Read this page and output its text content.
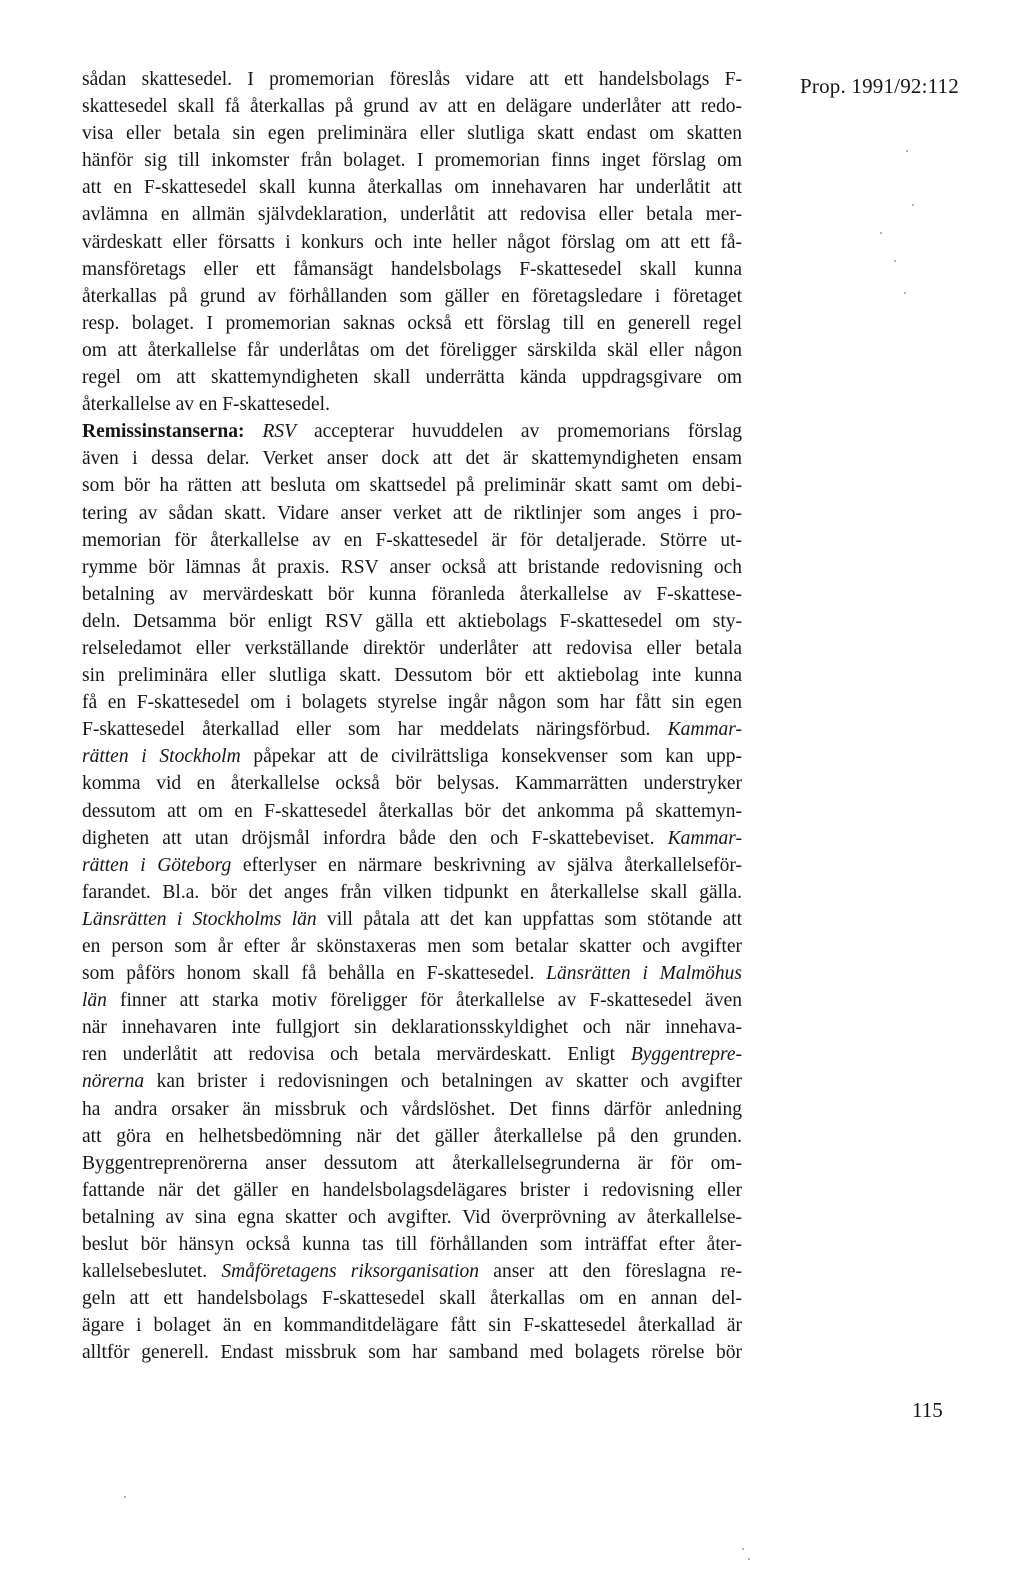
Prop. 1991/92:112
sådan skattesedel. I promemorian föreslås vidare att ett handelsbolags F-
skattesedel skall få återkallas på grund av att en delägare underlåter att redo-
visa eller betala sin egen preliminära eller slutliga skatt endast om skatten
hänför sig till inkomster från bolaget. I promemorian finns inget förslag om
att en F-skattesedel skall kunna återkallas om innehavaren har underlåtit att
avlämna en allmän självdeklaration, underlåtit att redovisa eller betala mer-
värdeskatt eller försatts i konkurs och inte heller något förslag om att ett få-
mansföretags eller ett fåmansägt handelsbolags F-skattesedel skall kunna
återkallas på grund av förhållanden som gäller en företagsledare i företaget
resp. bolaget. I promemorian saknas också ett förslag till en generell regel
om att återkallelse får underlåtas om det föreligger särskilda skäl eller någon
regel om att skattemyndigheten skall underrätta kända uppdragsgivare om
återkallelse av en F-skattesedel.
Remissinstanserna: RSV accepterar huvuddelen av promemorians förslag
även i dessa delar. Verket anser dock att det är skattemyndigheten ensam
som bör ha rätten att besluta om skattsedel på preliminär skatt samt om debi-
tering av sådan skatt. Vidare anser verket att de riktlinjer som anges i pro-
memorian för återkallelse av en F-skattesedel är för detaljerade. Större ut-
rymme bör lämnas åt praxis. RSV anser också att bristande redovisning och
betalning av mervärdeskatt bör kunna föranleda återkallelse av F-skattese-
deln. Detsamma bör enligt RSV gälla ett aktiebolags F-skattesedel om sty-
relseledamot eller verkställande direktör underlåter att redovisa eller betala
sin preliminära eller slutliga skatt. Dessutom bör ett aktiebolag inte kunna
få en F-skattesedel om i bolagets styrelse ingår någon som har fått sin egen
F-skattesedel återkallad eller som har meddelats näringsförbud. Kammar-
rätten i Stockholm påpekar att de civilrättsliga konsekvenser som kan upp-
komma vid en återkallelse också bör belysas. Kammarrätten understryker
dessutom att om en F-skattesedel återkallas bör det ankomma på skattemyn-
digheten att utan dröjsmål infordra både den och F-skattebeviset. Kammar-
rätten i Göteborg efterlyser en närmare beskrivning av själva återkallelseför-
farandet. Bl.a. bör det anges från vilken tidpunkt en återkallelse skall gälla.
Länsrätten i Stockholms län vill påtala att det kan uppfattas som stötande att
en person som år efter år skönstaxeras men som betalar skatter och avgifter
som påförs honom skall få behålla en F-skattesedel. Länsrätten i Malmöhus
län finner att starka motiv föreligger för återkallelse av F-skattesedel även
när innehavaren inte fullgjort sin deklarationsskyldighet och när innehava-
ren underlåtit att redovisa och betala mervärdeskatt. Enligt Byggentrepre-
nörerna kan brister i redovisningen och betalningen av skatter och avgifter
ha andra orsaker än missbruk och vårdslöshet. Det finns därför anledning
att göra en helhetsbedömning när det gäller återkallelse på den grunden.
Byggentreprenörerna anser dessutom att återkallelsegrunderna är för om-
fattande när det gäller en handelsbolagsdelägares brister i redovisning eller
betalning av sina egna skatter och avgifter. Vid överprövning av återkallelse-
beslut bör hänsyn också kunna tas till förhållanden som inträffat efter åter-
kallelsebeslutet. Småföretagens riksorganisation anser att den föreslagna re-
geln att ett handelsbolags F-skattesedel skall återkallas om en annan del-
ägare i bolaget än en kommanditdelägare fått sin F-skattesedel återkallad är
alltför generell. Endast missbruk som har samband med bolagets rörelse bör
115
